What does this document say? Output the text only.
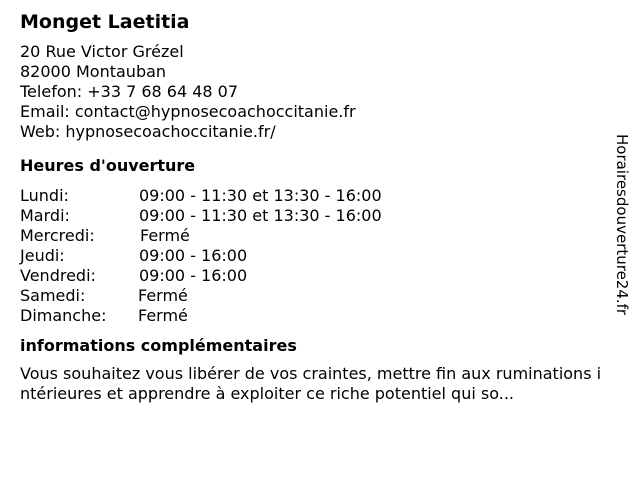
Monget Laetitia
20 Rue Victor Grézel
82000 Montauban
Telefon: +33 7 68 64 48 07
Email: contact@hypnosecoachoccitanie.fr
Web: hypnosecoachoccitanie.fr/
Heures d'ouverture
Lundi:	09:00 - 11:30 et 13:30 - 16:00
Mardi:	09:00 - 11:30 et 13:30 - 16:00
Mercredi:	Fermé
Jeudi:	09:00 - 16:00
Vendredi:	09:00 - 16:00
Samedi:	Fermé
Dimanche:	Fermé
informations complémentaires
Vous souhaitez vous libérer de vos craintes, mettre fin aux ruminations intérieures et apprendre à exploiter ce riche potentiel qui so...
Horairesdouverture24.fr
